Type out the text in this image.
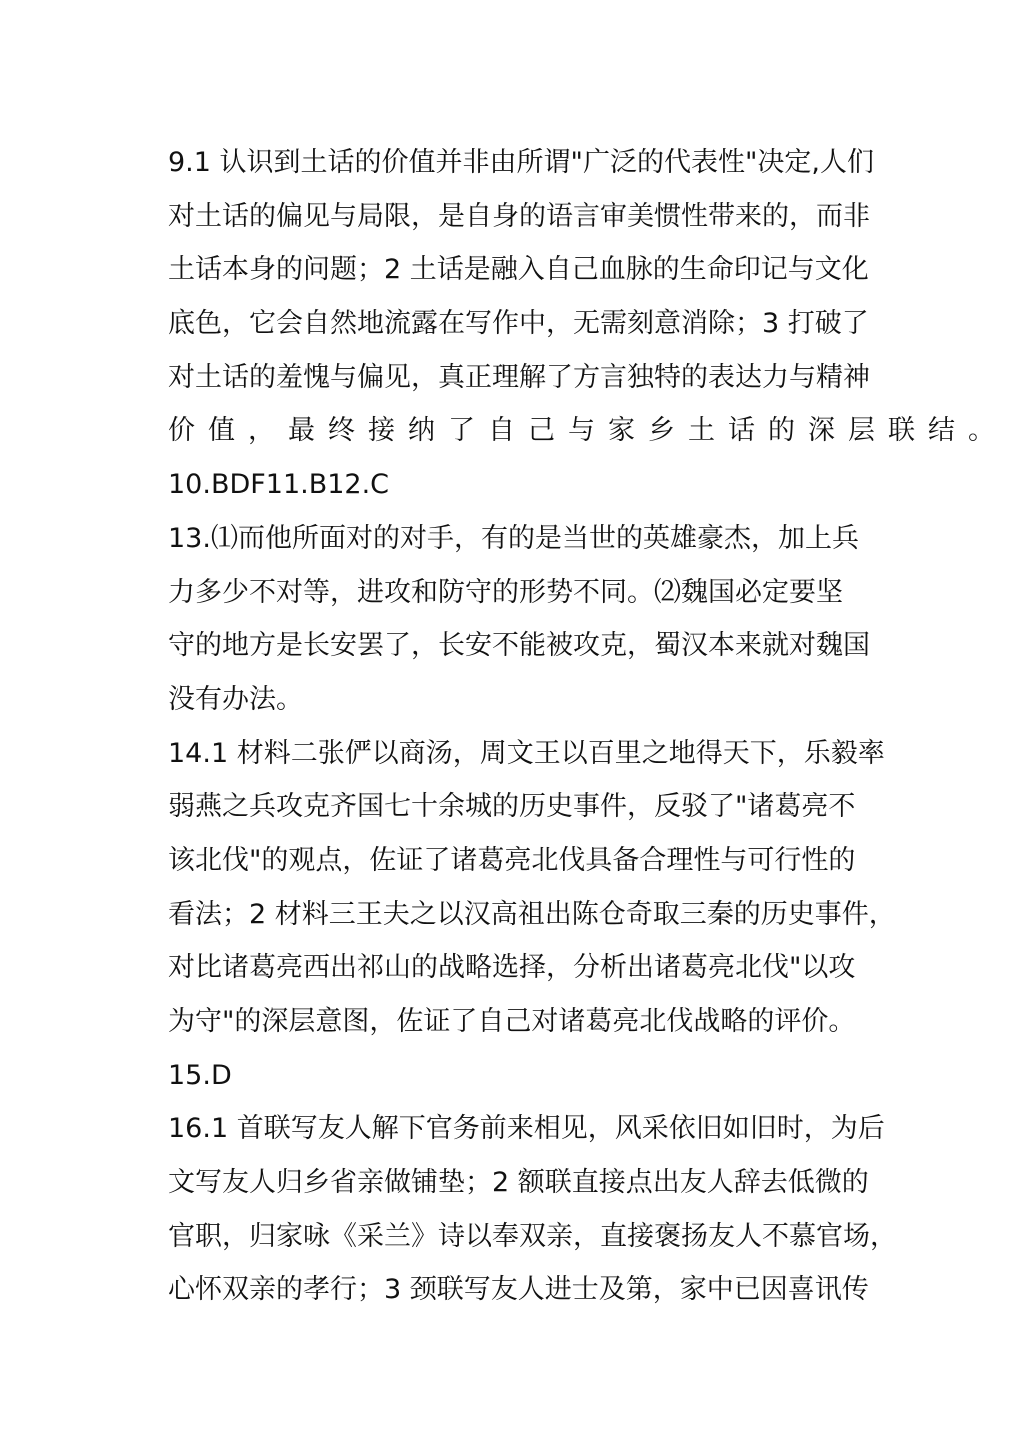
9.1 认识到土话的价值并非由所谓"广泛的代表性"决定,人们
对土话的偏见与局限，是自身的语言审美惯性带来的，而非
土话本身的问题；2 土话是融入自己血脉的生命印记与文化
底色，它会自然地流露在写作中，无需刻意消除；3 打破了
对土话的羞愧与偏见，真正理解了方言独特的表达力与精神
价值，最终接纳了自己与家乡土话的深层联结。
10.BDF11.B12.C
13.⑴而他所面对的对手，有的是当世的英雄豪杰，加上兵
力多少不对等，进攻和防守的形势不同。⑵魏国必定要坚
守的地方是长安罢了，长安不能被攻克，蜀汉本来就对魏国
没有办法。
14.1 材料二张俨以商汤，周文王以百里之地得天下，乐毅率
弱燕之兵攻克齐国七十余城的历史事件，反驳了"诸葛亮不
该北伐"的观点，佐证了诸葛亮北伐具备合理性与可行性的
看法；2 材料三王夫之以汉高祖出陈仓奇取三秦的历史事件，
对比诸葛亮西出祁山的战略选择，分析出诸葛亮北伐"以攻
为守"的深层意图，佐证了自己对诸葛亮北伐战略的评价。
15.D
16.1 首联写友人解下官务前来相见，风采依旧如旧时，为后
文写友人归乡省亲做铺垫；2 额联直接点出友人辞去低微的
官职，归家咏《采兰》诗以奉双亲，直接褒扬友人不慕官场，
心怀双亲的孝行；3 颈联写友人进士及第，家中已因喜讯传
